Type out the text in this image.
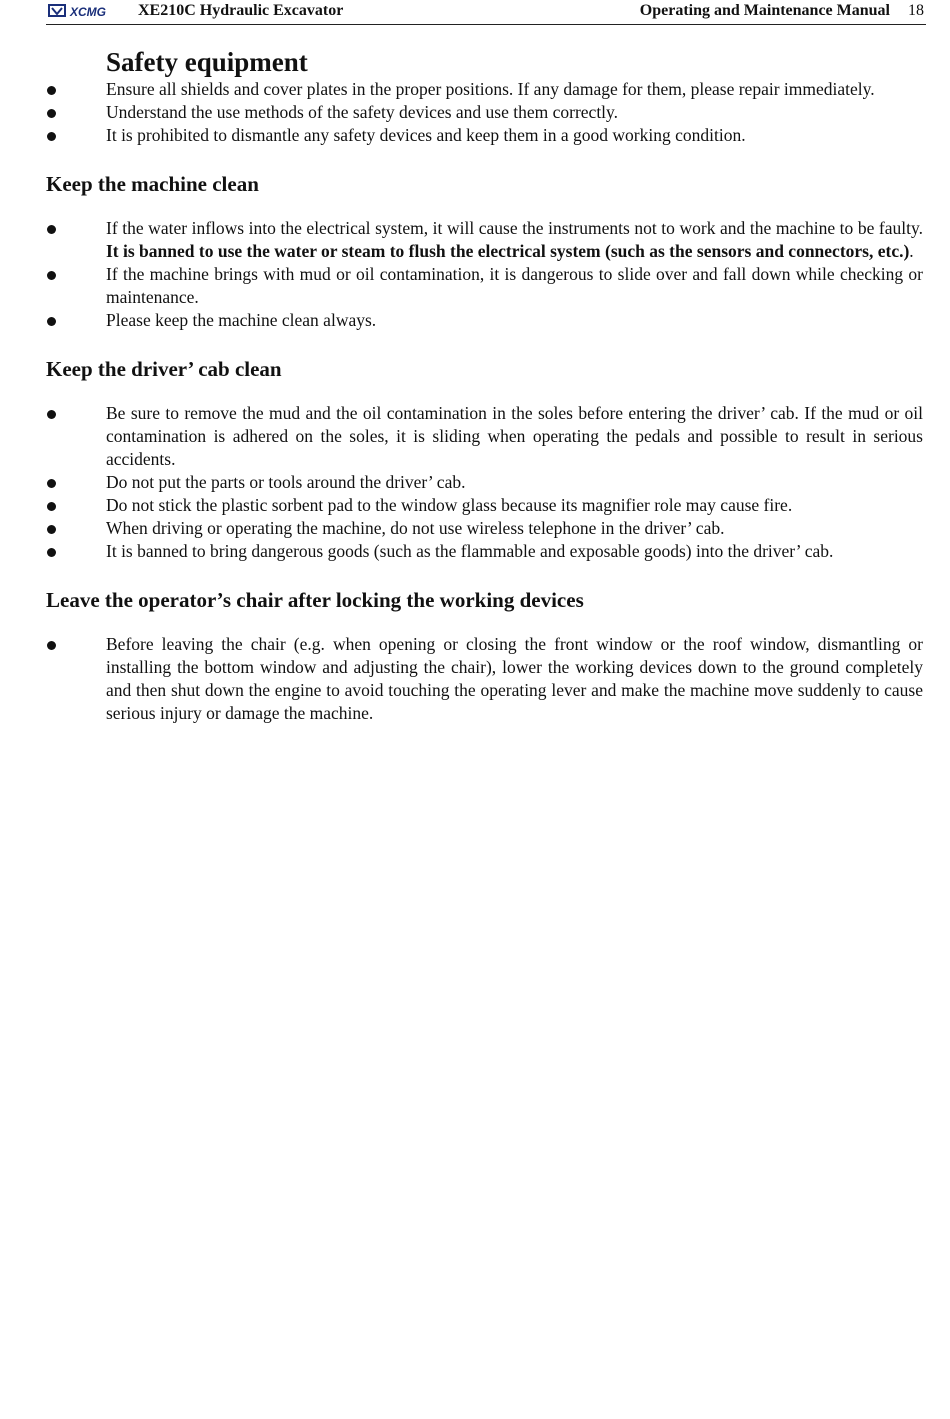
XCMG XE210C Hydraulic Excavator	Operating and Maintenance Manual 18
Safety equipment
Ensure all shields and cover plates in the proper positions. If any damage for them, please repair immediately.
Understand the use methods of the safety devices and use them correctly.
It is prohibited to dismantle any safety devices and keep them in a good working condition.
Keep the machine clean
If the water inflows into the electrical system, it will cause the instruments not to work and the machine to be faulty. It is banned to use the water or steam to flush the electrical system (such as the sensors and connectors, etc.).
If the machine brings with mud or oil contamination, it is dangerous to slide over and fall down while checking or maintenance.
Please keep the machine clean always.
Keep the driver’ cab clean
Be sure to remove the mud and the oil contamination in the soles before entering the driver’ cab. If the mud or oil contamination is adhered on the soles, it is sliding when operating the pedals and possible to result in serious accidents.
Do not put the parts or tools around the driver’ cab.
Do not stick the plastic sorbent pad to the window glass because its magnifier role may cause fire.
When driving or operating the machine, do not use wireless telephone in the driver’ cab.
It is banned to bring dangerous goods (such as the flammable and exposable goods) into the driver’ cab.
Leave the operator’s chair after locking the working devices
Before leaving the chair (e.g. when opening or closing the front window or the roof window, dismantling or installing the bottom window and adjusting the chair), lower the working devices down to the ground completely and then shut down the engine to avoid touching the operating lever and make the machine move suddenly to cause serious injury or damage the machine.
